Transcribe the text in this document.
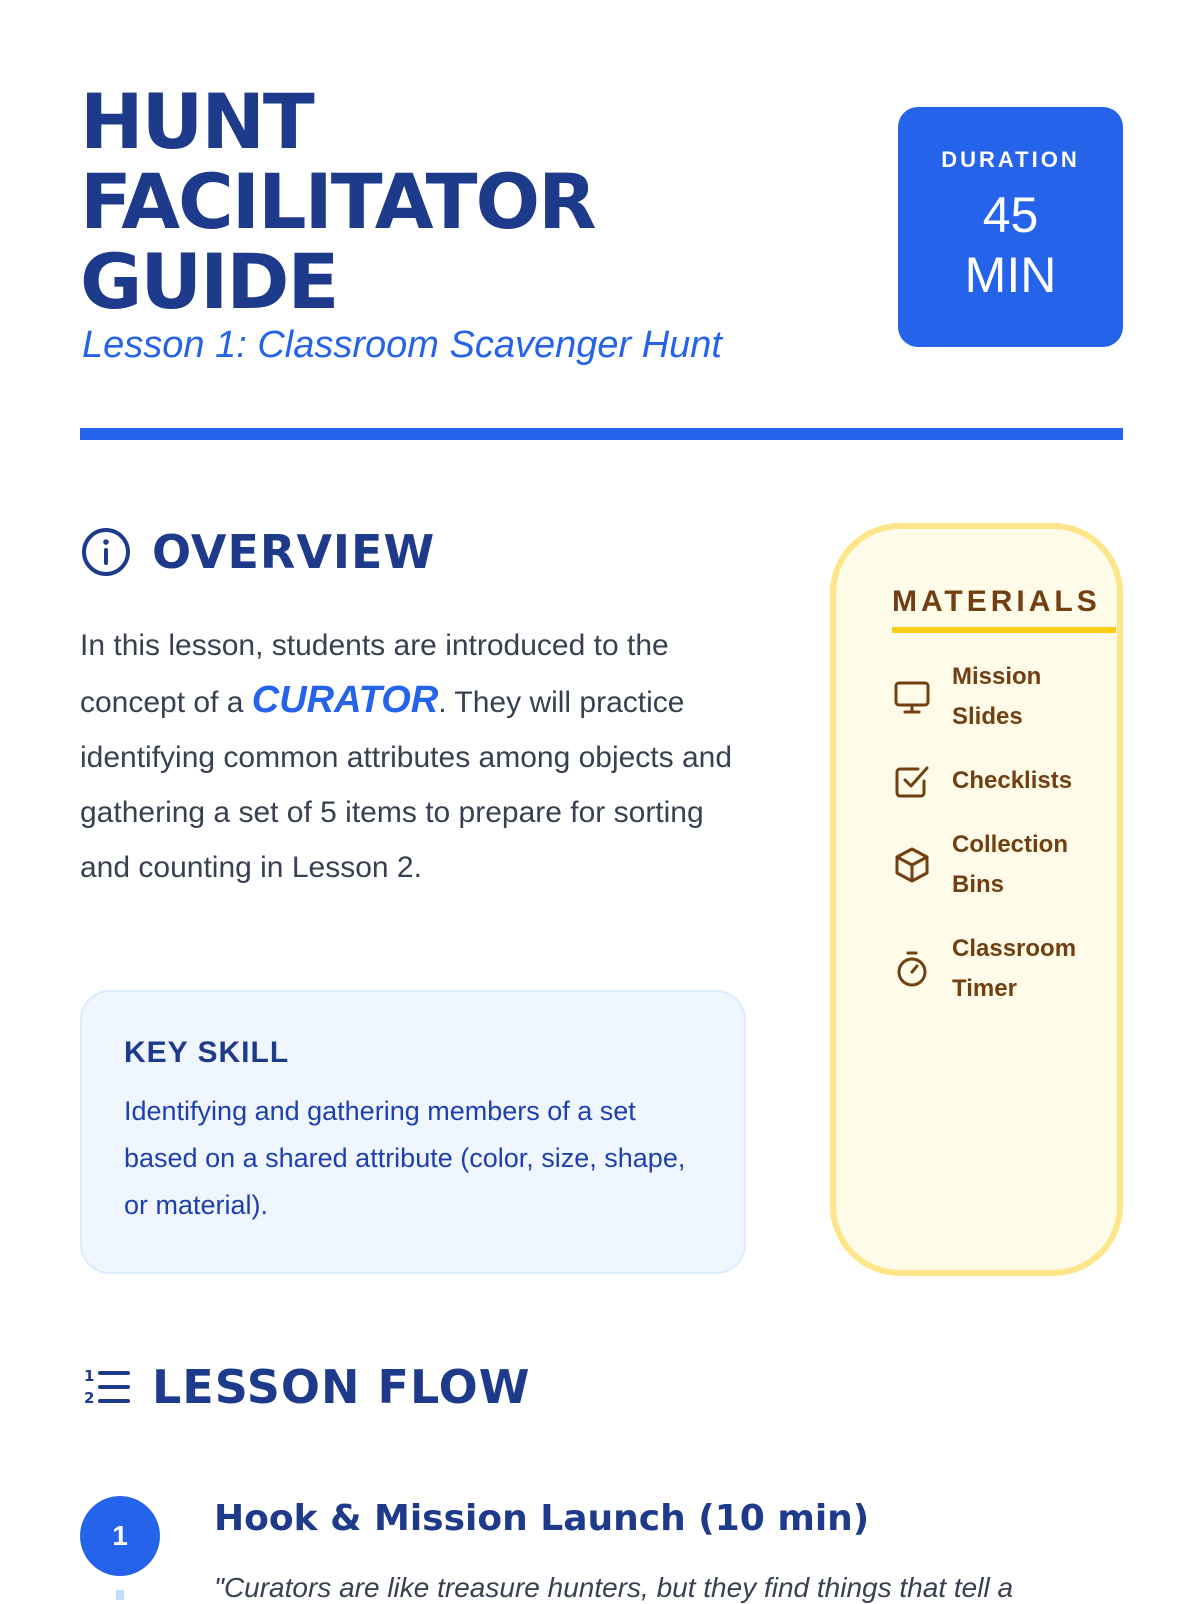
HUNT FACILITATOR GUIDE

Lesson 1: Classroom Scavenger Hunt

DURATION
45
MIN
OVERVIEW

In this lesson, students are introduced to the concept of a CURATOR. They will practice identifying common attributes among objects and gathering a set of 5 items to prepare for sorting and counting in Lesson 2.

KEY SKILL

Identifying and gathering members of a set based on a shared attribute (color, size, shape, or material).

MATERIALS

Mission Slides
Checklists
Collection Bins
Classroom Timer
1
2 LESSON FLOW
1	Hook & Mission Launch (10 min)

"Curators are like treasure hunters, but they find things that tell a
